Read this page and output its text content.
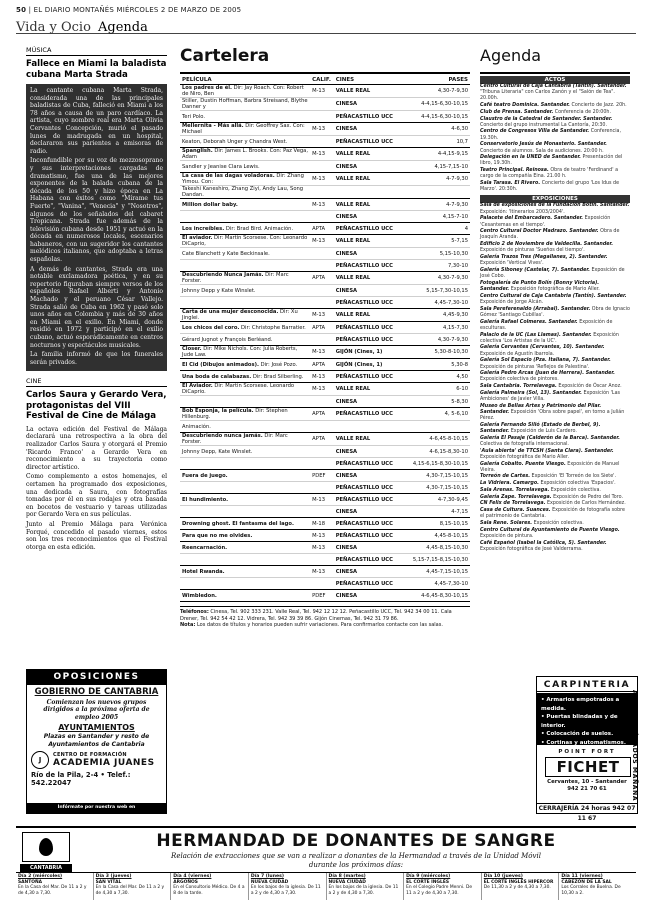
50 | EL DIARIO MONTAÑÉS MIÉRCOLES 2 DE MARZO DE 2005
Vida y Ocio Agenda
MÚSICA
Fallece en Miami la baladista cubana Marta Strada

La cantante cubana Marta Strada, considerada una de las principales baladistas de Cuba, falleció en Miami a los 78 años a causa de un paro cardíaco. La artista, cuyo nombre real era Marta Olivia Cervantes Concepción, murió el pasado lunes de madrugada en un hospital, declararon sus parientes a emisoras de radio.

Inconfundible por su voz de mezzosoprano y sus interpretaciones cargadas de dramatismo, fue una de las mejores exponentes de la balada cubana de la década de los 50 y hizo época en La Habana con éxitos como "Mírame tus Fuerte", "Vanina", "Venecia" y "Nosotros", algunos de los señalados del cabaret Tropicana. Strada fue además de la televisión cubana desde 1951 y actuó en la década en numerosos locales, escenarios habaneros, con un sugeridor los cantantes melódicos italianos, que adoptaba a letras españolas.

A demás de cantantes, Strada era una notable exclamadora poética, y en su repertorio figuraban siempre versos de los españoles Rafael Alberti y Antonio Machado y el peruano César Vallejo. Strada salió de Cuba en 1962 y pasó solo unos años en Colombia y más de 30 años en Miami en el exilio. En Miami, donde residió en 1972 y participó en el exilio cubano, actuó esporádicamente en centros nocturnos y espectáculos musicales.

La familia informó de que los funerales serán privados.

CINE
Carlos Saura y Gerardo Vera, protagonistas del VIII Festival de Cine de Málaga

La octava edición del Festival de Málaga declarará una retrospectiva a la obra del realizador Carlos Saura y otorgará el Premio 'Ricardo Franco' a Gerardo Vera en reconocimiento a su trayectoria como director artístico.

Como complemento a estos homenajes, el certamen ha programado dos exposiciones, una dedicada a Saura, con fotografías tomadas por él en sus rodajes y otra basada en bocetos de vestuario y tareas utilizadas por Gerardo Vera en sus películas.

Junto al Premio Málaga para Verónica Forqué, concedido el pasado viernes, estos son los tres reconocimientos que el Festival otorga en esta edición.

OPOSICIONES
GOBIERNO DE CANTABRIA
Comienzan los nuevos grupos dirigidos a la próxima oferta de empleo 2005
AYUNTAMIENTOS
Plazas en Santander y resto de Ayuntamientos de Cantabria
J
CENTRO DE FORMACIÓN
ACADEMIA JUANES
Río de la Pila, 2-4 • Telef.: 542.22047
Infórmate por nuestra web en "ACADEMIAJUANES.COM"
Cartelera
PELÍCULA	CALIF.	CINES	PASES
Los padres de él. Dir: Jay Roach. Con: Robert de Niro, Ben	M-13	VALLE REAL	4,30-7-9,30
Stiller, Dustin Hoffman, Barbra Streisand, Blythe Danner y		CINESA	4-4,15-6,30-10,15
Teri Polo.		PEÑACASTILLO UCC	4-4,15-6,30-10,15
Mellernita - Más allá. Dir: Geoffrey Sax. Con: Michael	M-13	CINESA	4-6,30
Keaton, Deborah Unger y Chandra West.		PEÑACASTILLO UCC	10,7
Spanglish. Dir: James L. Brooks. Con: Paz Vega, Adam	M-13	VALLE REAL	4-4,15-9,15
Sandler y Jeanise Clara Lewis.		CINESA	4,15-7,15-10
La casa de las dagas voladoras. Dir: Zhang Yimou. Con:	M-13	VALLE REAL	4-7-9,30
Takeshi Kaneshiro, Zhang Ziyi, Andy Lau, Song Dandan.			
Million dollar baby.	M-13	VALLE REAL	4-7-9,30
		CINESA	4,15-7-10
Los increíbles. Dir: Brad Bird. Animación.	APTA	PEÑACASTILLO UCC	4
El aviador. Dir: Martin Scorsese. Con: Leonardo DiCaprio,	M-13	VALLE REAL	5-7,15
Cate Blanchett y Kate Beckinsale.		CINESA	5,15-10,30
		PEÑACASTILLO UCC	7,30-10
Descubriendo Nunca Jamás. Dir: Marc Forster.	APTA	VALLE REAL	4,30-7-9,30
Johnny Depp y Kate Winslet.		CINESA	5,15-7,30-10,15
		PEÑACASTILLO UCC	4,45-7,30-10
Carta de una mujer desconocida. Dir: Xu Jinglei.	M-13	VALLE REAL	4,45-9,30
Los chicos del coro. Dir: Christophe Barratier.	APTA	PEÑACASTILLO UCC	4,15-7,30
Gérard Jugnot y François Berléand.		PEÑACASTILLO UCC	4,30-7-9,30
Closer. Dir: Mike Nichols. Con: Julia Roberts, Jude Law.	M-13	GIJÓN (Cines, 1)	5,30-8-10,30
El Cid (Dibujos animados). Dir: José Pozo.	APTA	GIJÓN (Cines, 1)	5,30-8
Una boda de calabazas. Dir: Brad Silberling.	M-13	PEÑACASTILLO UCC	4,50
El Aviador. Dir: Martin Scorsese. Leonardo DiCaprio.	M-13	VALLE REAL	6-10
		CINESA	5-8,30
Bob Esponja, la película. Dir: Stephen Hillenburg.	APTA	PEÑACASTILLO UCC	4, 5-6,10
Animación.			
Descubriendo nunca jamás. Dir: Marc Forster.	APTA	VALLE REAL	4-6,45-8-10,15
Johnny Depp, Kate Winslet.		CINESA	4-6,15-8,30-10
		PEÑACASTILLO UCC	4,15-6,15-8,30-10,15
Fuera de juego.	PDEF	CINESA	4,30-7,15-10,15
		PEÑACASTILLO UCC	4,30-7,15-10,15
El hundimiento.	M-13	PEÑACASTILLO UCC	4-7,30-9,45
		CINESA	4-7,15
Drowning ghost. El fantasma del lago.	M-18	PEÑACASTILLO UCC	8,15-10,15
Para que no me olvides.	M-13	PEÑACASTILLO UCC	4,45-8-10,15
Reencarnación.	M-13	CINESA	4,45-8,15-10,30
		PEÑACASTILLO UCC	5,15-7,15-8,15-10,30
Hotel Rwanda.	M-13	CINESA	4,45-7,15-10,15
		PEÑACASTILLO UCC	4,45-7,30-10
Wimbledon.	PDEF	CINESA	4-6,45-8,30-10,15
Teléfonos: Cinesa, Tel. 902 333 231. Valle Real, Tel. 942 12 12 12. Peñacastillo UCC, Tel. 942 34 00 11. Cala Drener, Tel. 942 54 42 12. Vidrera, Tel. 942 39 39 86. Gijón Cinemas, Tel. 942 31 79 86.
Nota: Los datos de títulos y horarios pueden sufrir variaciones. Para confirmarlos contacte con las salas.
Agenda
ACTOS
Centro Cultural de Caja Cantabria (Tantín). Santander. "Tribuna Literaria" con Carlos Zanón y el "Salón de Tea". 20.00h.
Café teatro Dominica. Santander. Concierto de Jazz. 20h.
Club de Prensa. Santander. Conferencia de 20:00h.
Claustro de la Catedral de Santander. Santander. Concierto del grupo instrumental La Cantoría, 20:30.
Centro de Congresos Villa de Santander. Conferencia, 19.30h.
Conservatorio Jesús de Monasterio. Santander. Concierto de alumnos. Sala de audiciones. 20:00 h.
Delegación en la UNED de Santander. Presentación del libro, 19.30h.
Teatro Principal. Reinosa. Obra de teatro 'Ferdinand' a cargo de la compañía Eina. 21.00 h.
Sala Tarasa. El Rivero. Concierto del grupo 'Los Idus de Marzo'. 20:30h.
EXPOSICIONES
Sala de exposiciones de la Fundación Botín. Santander. Exposición: 'Itinerarios 2003/2004'.
Palacete del Embarcadero. Santander. Exposición 'Cesantemas en el tiempo'.
Centro Cultural Doctor Madrazo. Santander. Obra de Joaquín Aranda.
Edificio 2 de Noviembre de Valdecilla. Santander. Exposición de pinturas 'Sueños del tiempo'.
Galería Trazos Tres (Magallanes, 2). Santander. Exposición 'Vertical Vives'.
Galería Siboney (Castelar, 7). Santander. Exposición de José Cobo.
Fotogalería de Punto Bolín (Bonny Victoria). Santander. Exposición fotográfica de Mario Aller.
Centro Cultural de Caja Cantabria (Tantín). Santander. Exposición de Jorge Alcán.
Sala Pereferenaldo (Arrabal). Santander. Obra de Ignacio Gómez 'Santiago Cubillas'.
Galería Rafael Colmeres. Santander. Exposición de esculturas.
Palacio de la UC (Las Llamas). Santander. Exposición colectiva 'Los Artistas de la UC'.
Galería Cervantes (Cervantes, 10). Santander. Exposición de Agustín Ibarrola.
Galería Sol Espacio (Pza. Italiana, 7). Santander. Exposición de pinturas 'Reflejos de Palestina'.
Galería Pedro Arcas (Juan de Herrera). Santander. Exposición colectiva de pintores.
Sala Cantabria. Torrelavega. Exposición de Óscar Anoz.
Galería Palmeira (Sol, 13). Santander. Exposición 'Las Ambiciones' de Javier Villa.
Museo de Bellas Artes y Patrimonio del Pilar. Santander. Exposición 'Obra sobre papel', en torno a Julián Pérez.
Galería Fernando Silió (Estado de Berbel, 9). Santander. Exposición de Luis Cardero.
Galería El Pasaje (Calderón de la Barca). Santander. Colectiva de fotografía internacional.
'Aula abierta' de TTCSH (Santa Clara). Santander. Exposición fotográfica de Mario Aller.
Galería Cobalto. Puente Viesgo. Exposición de Manuel Vieira.
Torreón de Cartes. Exposición 'El Torreón de los Siete'.
La Vidriera. Camargo. Exposición colectiva 'Espacios'.
Sala Arenas. Torrelavega. Exposición colectiva.
Galería Zape. Torrelavega. Exposición de Pedro del Toro.
CN Felix de Torrelavega. Exposición de Carlos Hernández.
Casa de Cultura. Suances. Exposición de fotografía sobre el patrimonio de Cantabria.
Sala Rene. Solares. Exposición colectiva.
Centro Cultural de Ayuntamiento de Puente Viesgo. Exposición de pintura.
Café Español (Isabel la Católica, 5). Santander. Exposición fotográfica de José Valderrama.
CARPINTERIA
• Armarios empotrados a medida.
• Puertas blindadas y de interior.
• Colocación de suelos.
• Cortinas y automatismos.
POINT FORT
FICHET
Cervantes, 10 - Santander
942 21 70 61
CERRAJERÍA 24 horas 942 07 11 67
ABIERTO SÁBADOS MAÑANA
CANTABRIA
HERMANDAD DE DONANTES DE SANGRE
Relación de extracciones que se van a realizar a donantes de la Hermandad a través de la Unidad Móvil durante los próximos días:
Día 2 (miércoles)
SANTOÑA
En la Casa del Mar. De 11 a 2 y de 4,30 a 7,30.
Día 3 (jueves)
SAN VITAL
En la Casa del Mar. De 11 a 2 y de 4,30 a 7,30.
Día 4 (viernes)
ARGOÑOS
En el Consultorio Médico. De 4 a 8 de la tarde.
Día 7 (lunes)
NUEVA CIUDAD
En los bajos de la iglesia. De 11 a 2 y de 4,30 a 7,30.
Día 8 (martes)
NUEVA CIUDAD
En los bajos de la iglesia. De 11 a 2 y de 4,30 a 7,30.
Día 9 (miércoles)
EL CORTE INGLÉS
En el Colegio Padre Menni. De 11 a 2 y de 4,30 a 7,30.
Día 10 (jueves)
EL CORTE INGLÉS HIPERCOR
De 11,30 a 2 y de 4,30 a 7,30.
Día 11 (viernes)
CABEZÓN DE LA SAL
Los Corrales de Buelna. De 10,30 a 2.
